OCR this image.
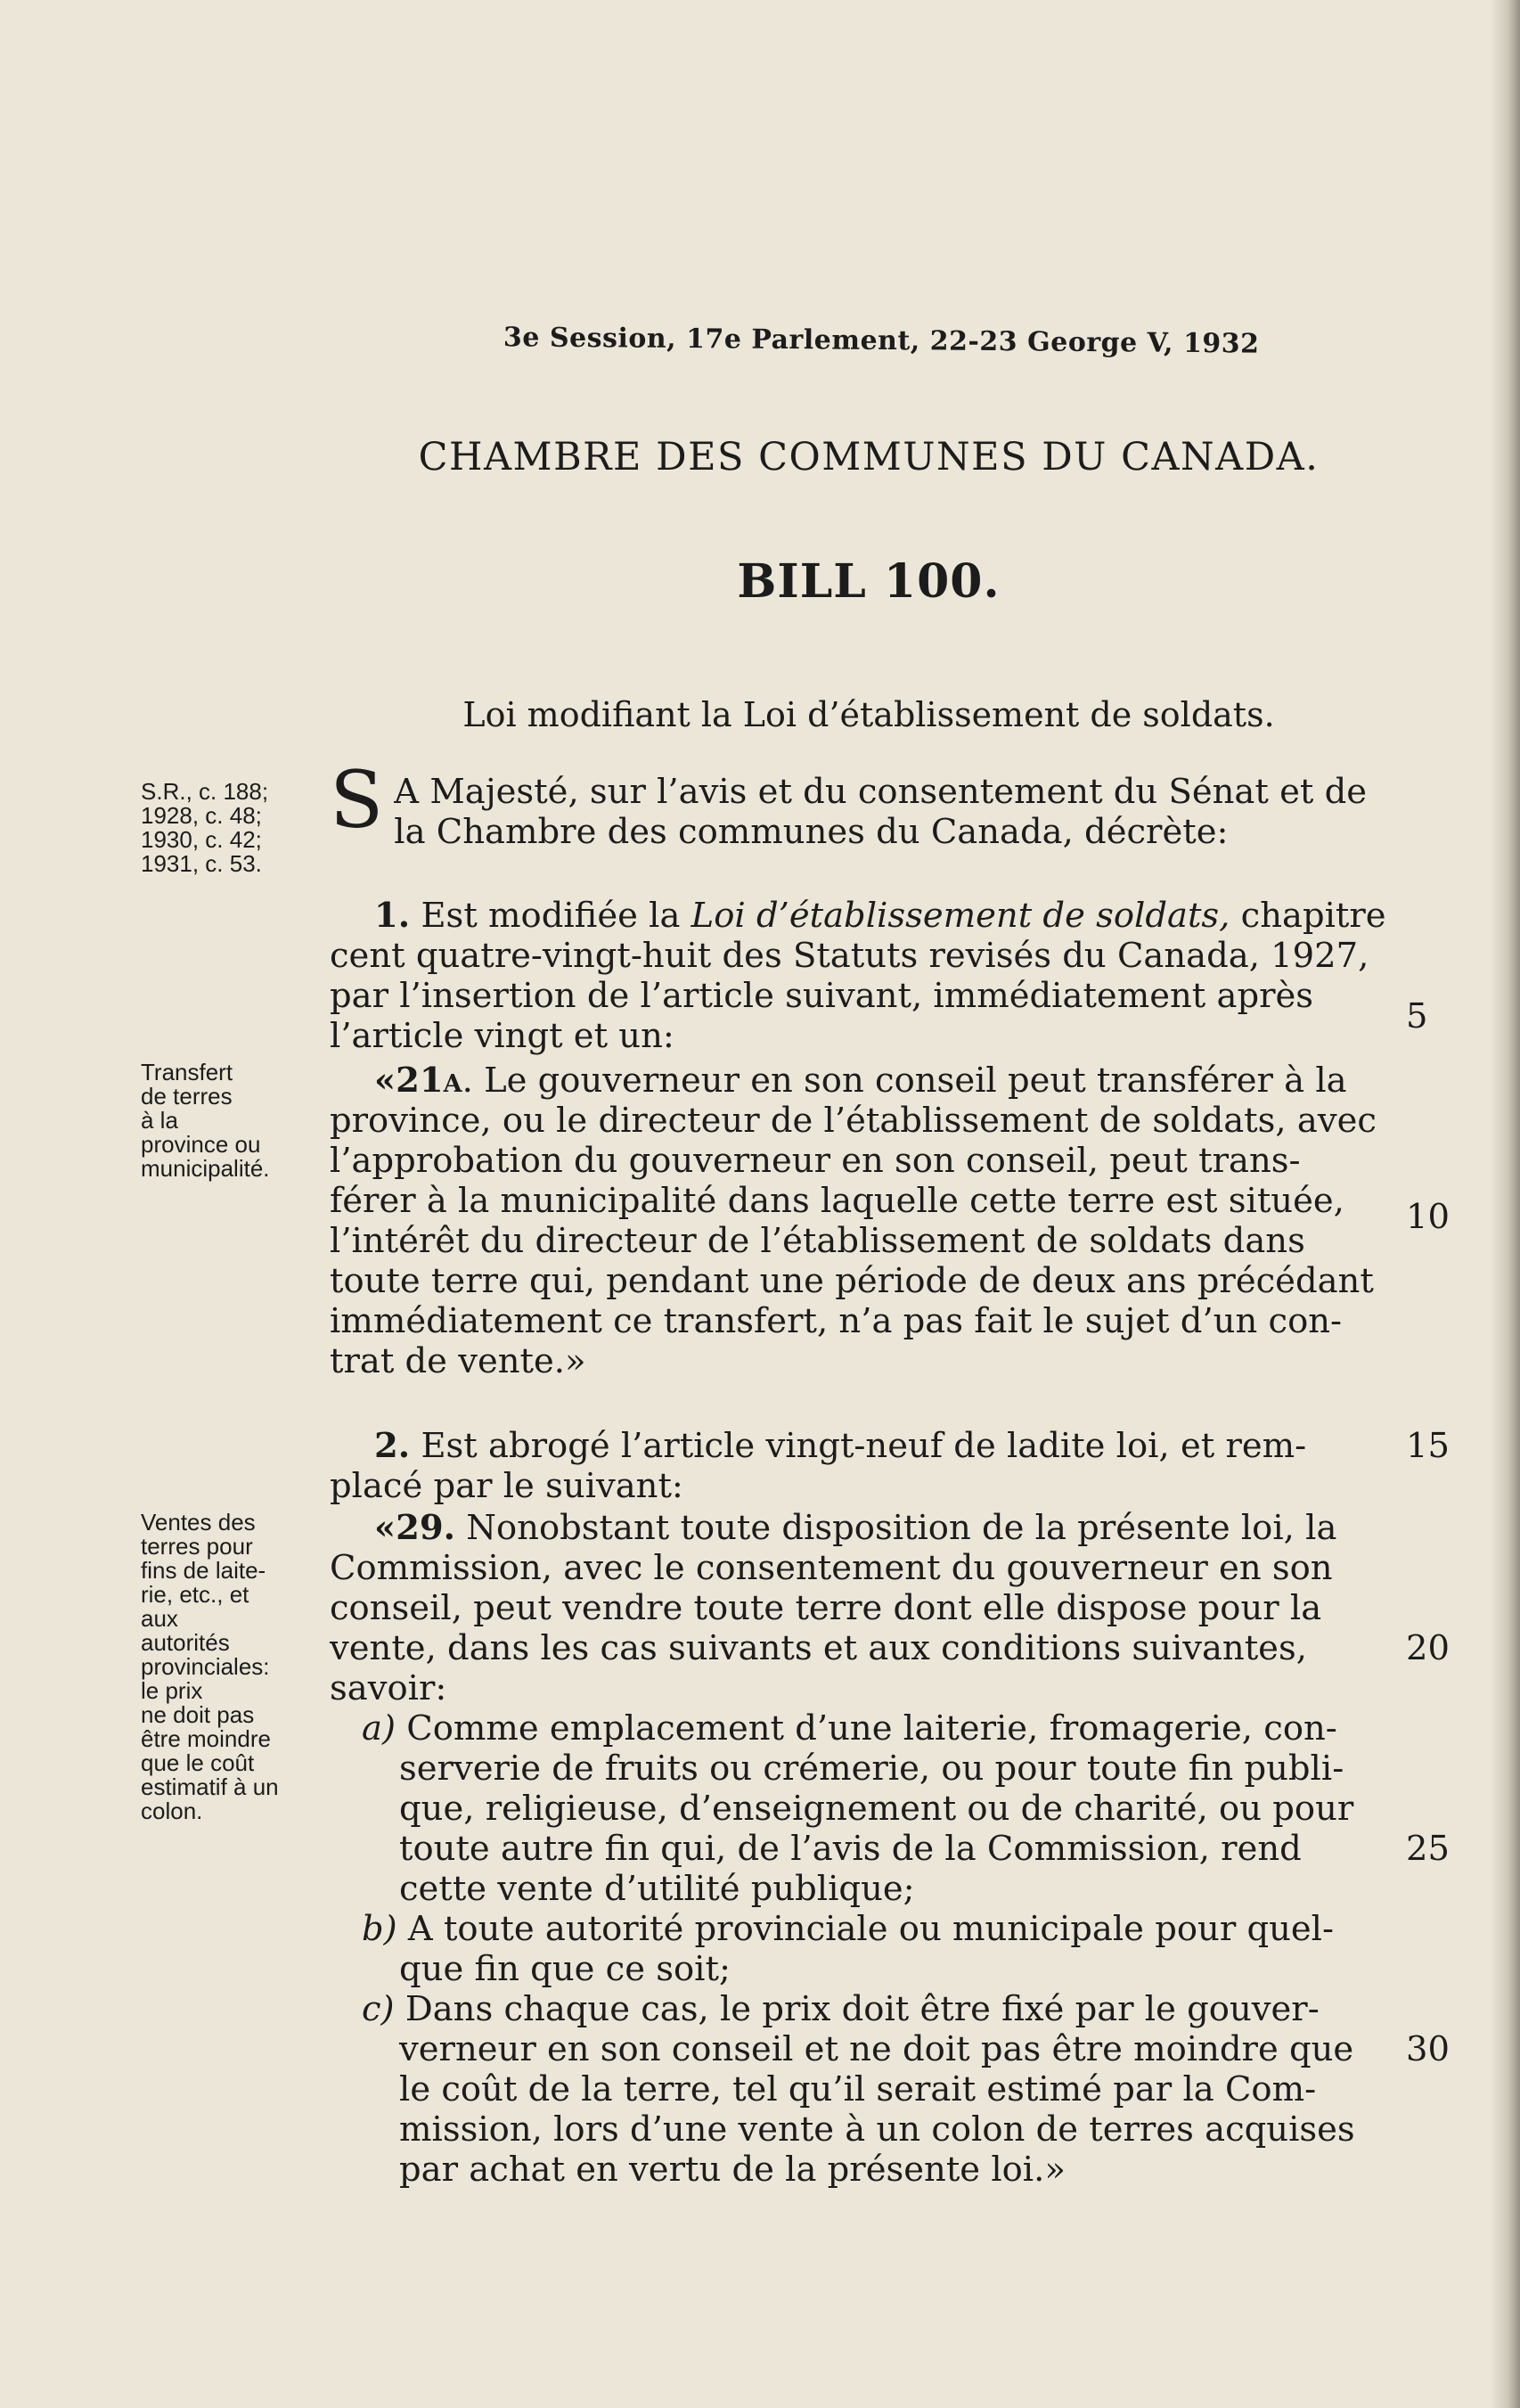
3e Session, 17e Parlement, 22-23 George V, 1932
CHAMBRE DES COMMUNES DU CANADA.
BILL 100.
Loi modifiant la Loi d’établissement de soldats.
S.R., c. 188;
1928, c. 48;
1930, c. 42;
1931, c. 53.
Transfert
de terres
à la
province ou
municipalité.
Ventes des
terres pour
fins de laite-
rie, etc., et
aux
autorités
provinciales:
le prix
ne doit pas
être moindre
que le coût
estimatif à un
colon.
S A Majesté, sur l’avis et du consentement du Sénat et de
la Chambre des communes du Canada, décrète:
1. Est modifiée la Loi d’établissement de soldats, chapitre
cent quatre-vingt-huit des Statuts revisés du Canada, 1927,
par l’insertion de l’article suivant, immédiatement après
l’article vingt et un:
«21a. Le gouverneur en son conseil peut transférer à la
province, ou le directeur de l’établissement de soldats, avec
l’approbation du gouverneur en son conseil, peut trans-
férer à la municipalité dans laquelle cette terre est située,
l’intérêt du directeur de l’établissement de soldats dans
toute terre qui, pendant une période de deux ans précédant
immédiatement ce transfert, n’a pas fait le sujet d’un con-
trat de vente.»
2. Est abrogé l’article vingt-neuf de ladite loi, et rem-
placé par le suivant:
«29. Nonobstant toute disposition de la présente loi, la
Commission, avec le consentement du gouverneur en son
conseil, peut vendre toute terre dont elle dispose pour la
vente, dans les cas suivants et aux conditions suivantes,
savoir:
a) Comme emplacement d’une laiterie, fromagerie, con-
serverie de fruits ou crémerie, ou pour toute fin publi-
que, religieuse, d’enseignement ou de charité, ou pour
toute autre fin qui, de l’avis de la Commission, rend
cette vente d’utilité publique;
b) A toute autorité provinciale ou municipale pour quel-
que fin que ce soit;
c) Dans chaque cas, le prix doit être fixé par le gouver-
verneur en son conseil et ne doit pas être moindre que
le coût de la terre, tel qu’il serait estimé par la Com-
mission, lors d’une vente à un colon de terres acquises
par achat en vertu de la présente loi.»
5
10
15
20
25
30
